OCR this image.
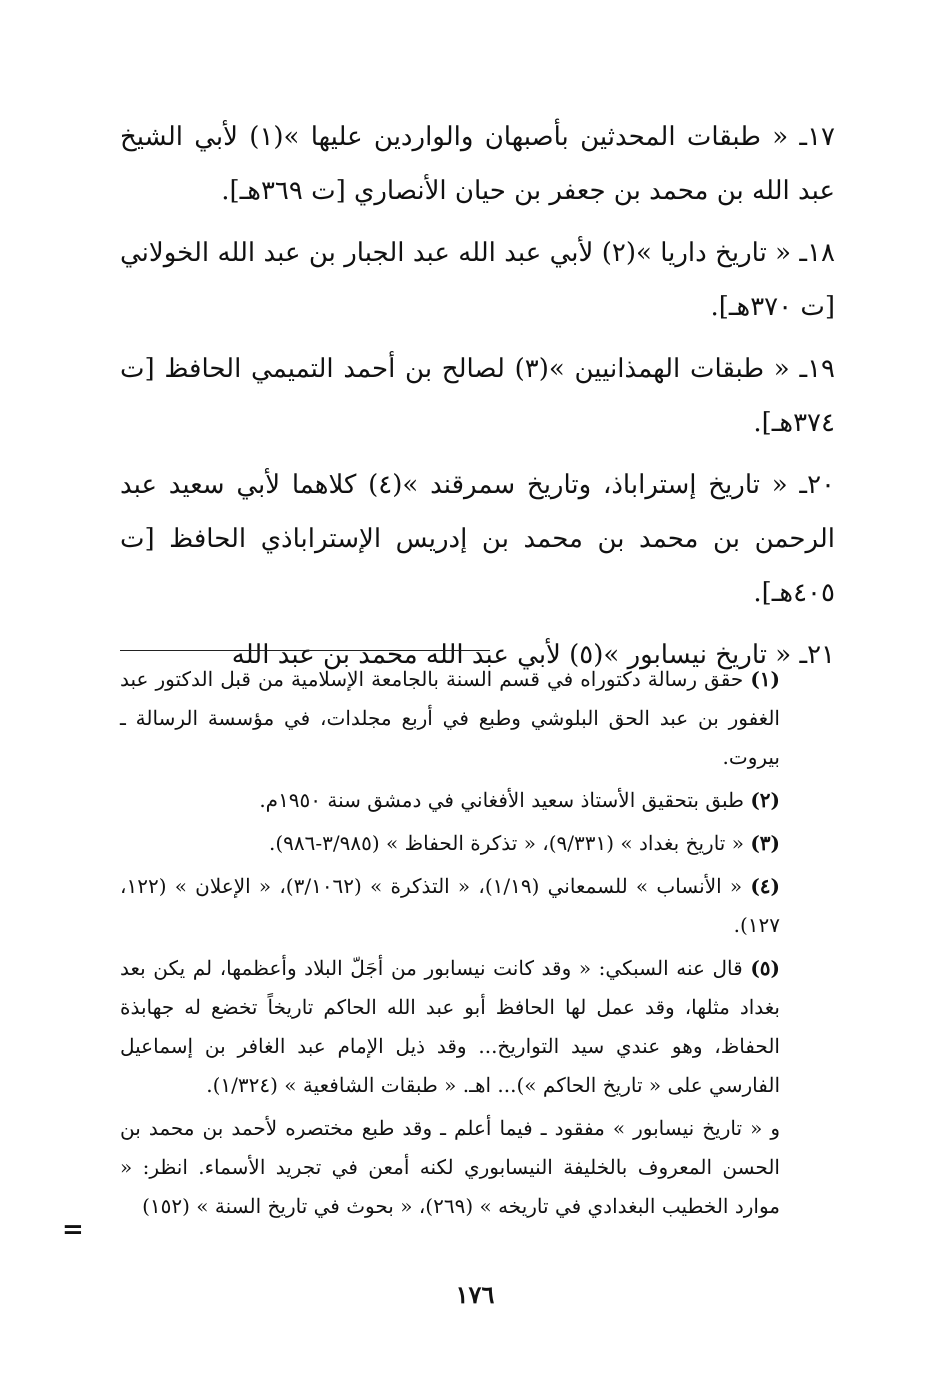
١٧ـ « طبقات المحدثين بأصبهان والواردين عليها »(١) لأبي الشيخ عبد الله بن محمد بن جعفر بن حيان الأنصاري [ت ٣٦٩هـ].

١٨ـ « تاريخ داريا »(٢) لأبي عبد الله عبد الجبار بن عبد الله الخولاني [ت ٣٧٠هـ].

١٩ـ « طبقات الهمذانيين »(٣) لصالح بن أحمد التميمي الحافظ [ت ٣٧٤هـ].

٢٠ـ « تاريخ إستراباذ، وتاريخ سمرقند »(٤) كلاهما لأبي سعيد عبد الرحمن بن محمد بن محمد بن إدريس الإستراباذي الحافظ [ت ٤٠٥هـ].

٢١ـ « تاريخ نيسابور »(٥) لأبي عبد الله محمد بن عبد الله

(١) حقق رسالة دكتوراه في قسم السنة بالجامعة الإسلامية من قبل الدكتور عبد الغفور بن عبد الحق البلوشي وطبع في أربع مجلدات، في مؤسسة الرسالة ـ بيروت.

(٢) طبق بتحقيق الأستاذ سعيد الأفغاني في دمشق سنة ١٩٥٠م.

(٣) « تاريخ بغداد » (٩/٣٣١)، « تذكرة الحفاظ » (٣/٩٨٥-٩٨٦).

(٤) « الأنساب » للسمعاني (١/١٩)، « التذكرة » (٣/١٠٦٢)، « الإعلان » (١٢٢، ١٢٧).

(٥) قال عنه السبكي: « وقد كانت نيسابور من أجَلّ البلاد وأعظمها، لم يكن بعد بغداد مثلها، وقد عمل لها الحافظ أبو عبد الله الحاكم تاريخاً تخضع له جهابذة الحفاظ، وهو عندي سيد التواريخ... وقد ذيل الإمام عبد الغافر بن إسماعيل الفارسي على « تاريخ الحاكم »)... اهـ. « طبقات الشافعية » (١/٣٢٤).

و « تاريخ نيسابور » مفقود ـ فيما أعلم ـ وقد طبع مختصره لأحمد بن محمد بن الحسن المعروف بالخليفة النيسابوري لكنه أمعن في تجريد الأسماء. انظر: « موارد الخطيب البغدادي في تاريخه » (٢٦٩)، « بحوث في تاريخ السنة » (١٥٢)

=
١٧٦
